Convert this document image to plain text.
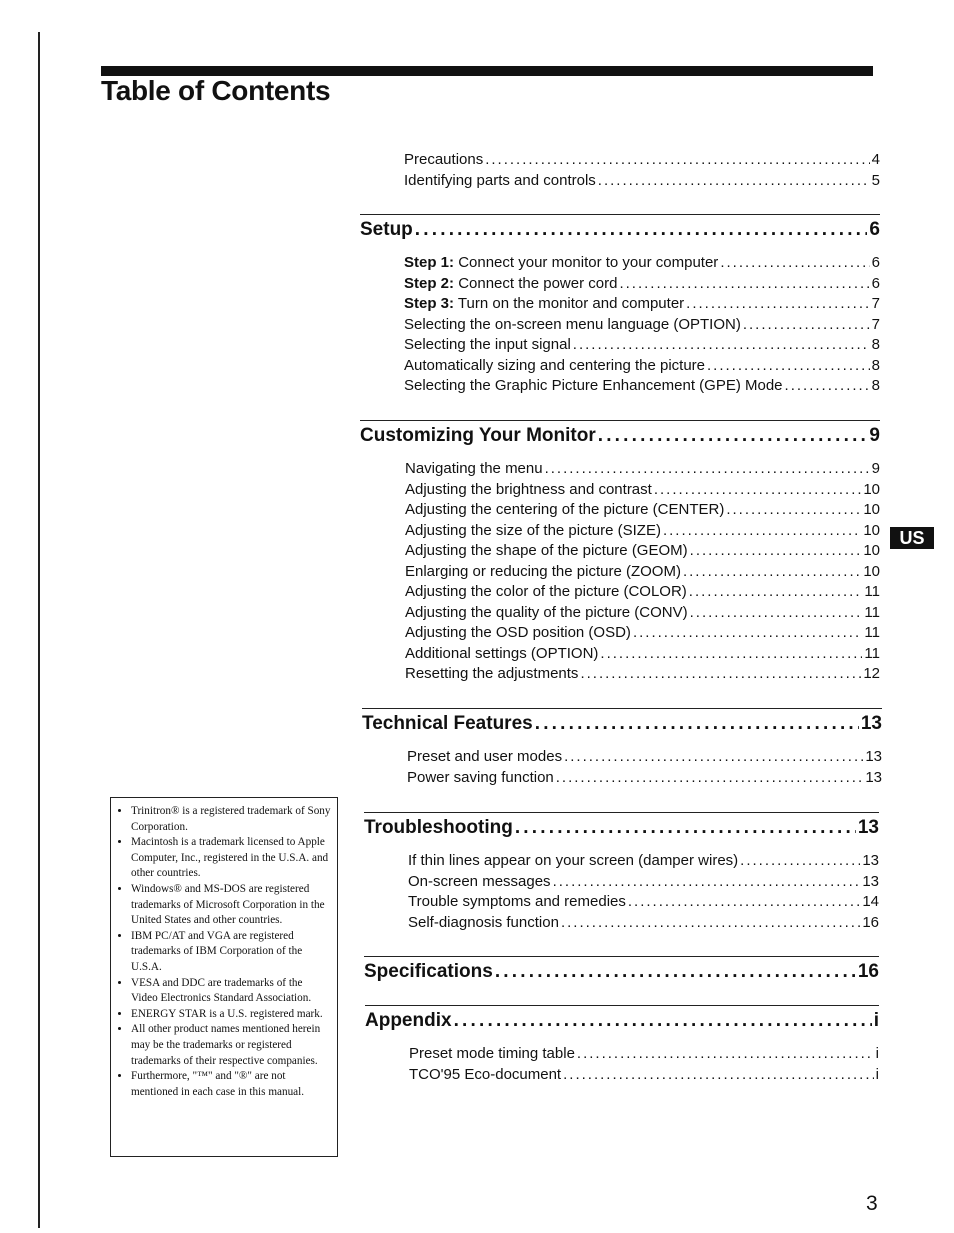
Table of Contents
Precautions .....	4
Identifying parts and controls .....	5
Setup .....	6
Step 1: Connect your monitor to your computer .....	6
Step 2: Connect the power cord .....	6
Step 3: Turn on the monitor and computer .....	7
Selecting the on-screen menu language (OPTION) .....	7
Selecting the input signal .....	8
Automatically sizing and centering the picture .....	8
Selecting the Graphic Picture Enhancement (GPE) Mode .....	8
Customizing Your Monitor .....	9
Navigating the menu .....	9
Adjusting the brightness and contrast .....	10
Adjusting the centering of the picture (CENTER) .....	10
Adjusting the size of the picture (SIZE) .....	10
Adjusting the shape of the picture (GEOM) .....	10
Enlarging or reducing the picture (ZOOM) .....	10
Adjusting the color of the picture (COLOR) .....	11
Adjusting the quality of the picture (CONV) .....	11
Adjusting the OSD position (OSD) .....	11
Additional settings (OPTION) .....	11
Resetting the adjustments .....	12
Technical Features .....	13
Preset and user modes .....	13
Power saving function .....	13
Troubleshooting .....	13
If thin lines appear on your screen (damper wires) .....	13
On-screen messages .....	13
Trouble symptoms and remedies .....	14
Self-diagnosis function .....	16
Specifications .....	16
Appendix .....	i
Preset mode timing table .....	i
TCO'95 Eco-document .....	i
US
• Trinitron® is a registered trademark of Sony Corporation.
• Macintosh is a trademark licensed to Apple Computer, Inc., registered in the U.S.A. and other countries.
• Windows® and MS-DOS are registered trademarks of Microsoft Corporation in the United States and other countries.
• IBM PC/AT and VGA are registered trademarks of IBM Corporation of the U.S.A.
• VESA and DDC are trademarks of the Video Electronics Standard Association.
• ENERGY STAR is a U.S. registered mark.
• All other product names mentioned herein may be the trademarks or registered trademarks of their respective companies.
• Furthermore, "™" and "®" are not mentioned in each case in this manual.
3
